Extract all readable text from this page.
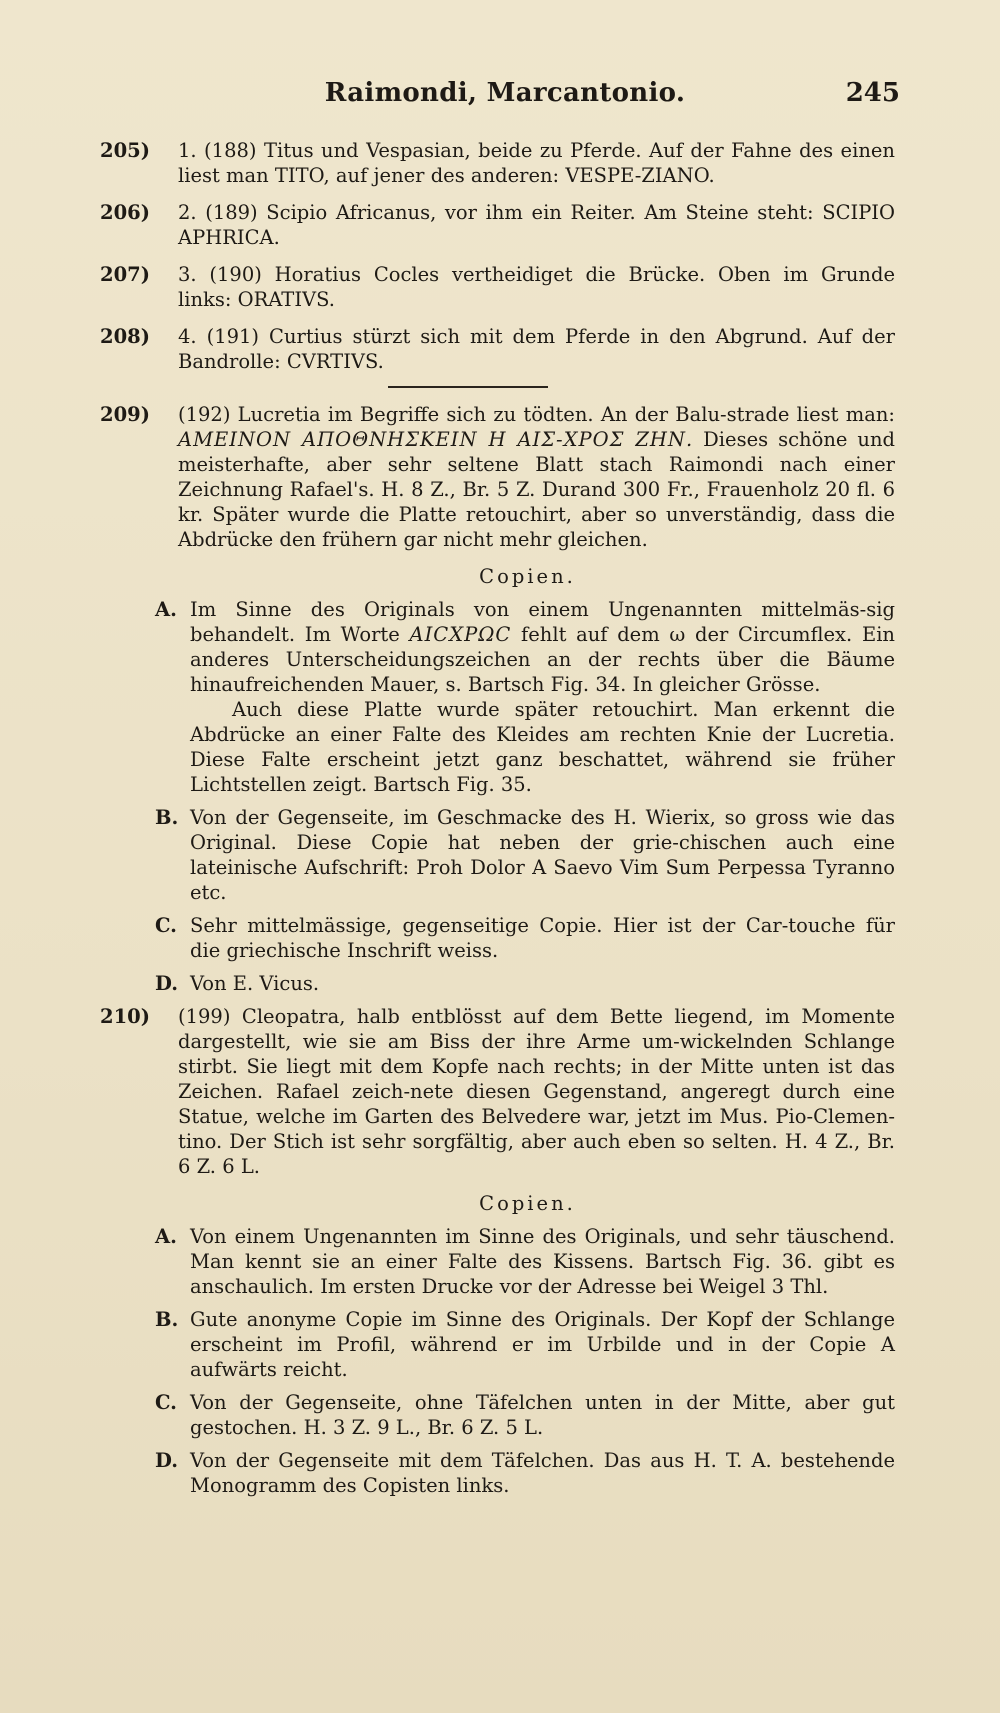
Raimondi, Marcantonio.	245
205) 1. (188) Titus und Vespasian, beide zu Pferde. Auf der Fahne des einen liest man TITO, auf jener des anderen: VESPE-ZIANO.

206) 2. (189) Scipio Africanus, vor ihm ein Reiter. Am Steine steht: SCIPIO APHRICA.

207) 3. (190) Horatius Cocles vertheidiget die Brücke. Oben im Grunde links: ORATIVS.

208) 4. (191) Curtius stürzt sich mit dem Pferde in den Abgrund. Auf der Bandrolle: CVRTIVS.

209) (192) Lucretia im Begriffe sich zu tödten. An der Balu-strade liest man: ΑΜΕΙΝΟΝ ΑΠΟΘΝΗΣΚΕΙΝ Η ΑΙΣ-ΧΡΟΣ ΖΗΝ. Dieses schöne und meisterhafte, aber sehr seltene Blatt stach Raimondi nach einer Zeichnung Rafael's. H. 8 Z., Br. 5 Z. Durand 300 Fr., Frauenholz 20 fl. 6 kr. Später wurde die Platte retouchirt, aber so unverständig, dass die Abdrücke den frühern gar nicht mehr gleichen.

Copien.
A. Im Sinne des Originals von einem Ungenannten mittelmäs-sig behandelt. Im Worte ΑΙСΧΡΩС fehlt auf dem ω der Circumflex. Ein anderes Unterscheidungszeichen an der rechts über die Bäume hinaufreichenden Mauer, s. Bartsch Fig. 34. In gleicher Grösse.

Auch diese Platte wurde später retouchirt. Man erkennt die Abdrücke an einer Falte des Kleides am rechten Knie der Lucretia. Diese Falte erscheint jetzt ganz beschattet, während sie früher Lichtstellen zeigt. Bartsch Fig. 35.

B. Von der Gegenseite, im Geschmacke des H. Wierix, so gross wie das Original. Diese Copie hat neben der grie-chischen auch eine lateinische Aufschrift: Proh Dolor A Saevo Vim Sum Perpessa Tyranno etc.

C. Sehr mittelmässige, gegenseitige Copie. Hier ist der Car-touche für die griechische Inschrift weiss.

D. Von E. Vicus.

210) (199) Cleopatra, halb entblösst auf dem Bette liegend, im Momente dargestellt, wie sie am Biss der ihre Arme um-wickelnden Schlange stirbt. Sie liegt mit dem Kopfe nach rechts; in der Mitte unten ist das Zeichen. Rafael zeich-nete diesen Gegenstand, angeregt durch eine Statue, welche im Garten des Belvedere war, jetzt im Mus. Pio-Clemen-tino. Der Stich ist sehr sorgfältig, aber auch eben so selten. H. 4 Z., Br. 6 Z. 6 L.

Copien.
A. Von einem Ungenannten im Sinne des Originals, und sehr täuschend. Man kennt sie an einer Falte des Kissens. Bartsch Fig. 36. gibt es anschaulich. Im ersten Drucke vor der Adresse bei Weigel 3 Thl.

B. Gute anonyme Copie im Sinne des Originals. Der Kopf der Schlange erscheint im Profil, während er im Urbilde und in der Copie A aufwärts reicht.

C. Von der Gegenseite, ohne Täfelchen unten in der Mitte, aber gut gestochen. H. 3 Z. 9 L., Br. 6 Z. 5 L.

D. Von der Gegenseite mit dem Täfelchen. Das aus H. T. A. bestehende Monogramm des Copisten links.
